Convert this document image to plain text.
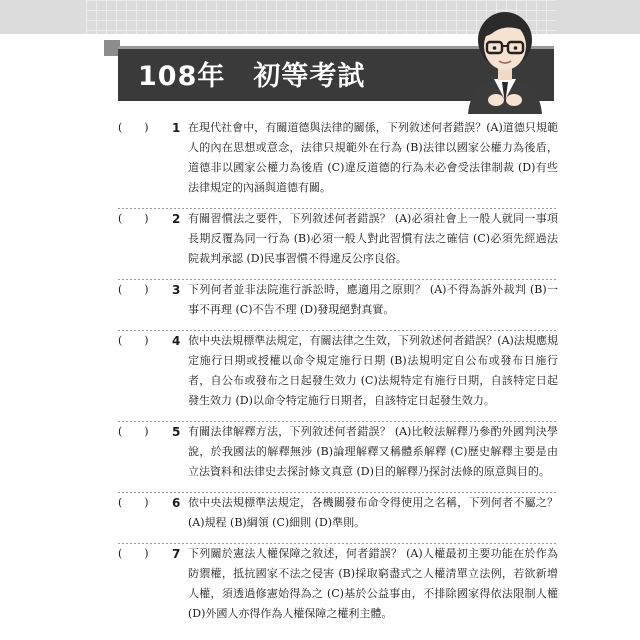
108年　初等考試
(　　)	1 在現代社會中，有關道德與法律的關係，下列敘述何者錯誤？(A)道德只規範人的內在思想或意念，法律只規範外在行為 (B)法律以國家公權力為後盾，道德非以國家公權力為後盾 (C)違反道德的行為未必會受法律制裁 (D)有些法律規定的內涵與道德有關。
(　　)	2 有關習慣法之要件，下列敘述何者錯誤？ (A)必須社會上一般人就同一事項長期反覆為同一行為 (B)必須一般人對此習慣有法之確信 (C)必須先經過法院裁判承認 (D)民事習慣不得違反公序良俗。
(　　)	3 下列何者並非法院進行訴訟時，應適用之原則？ (A)不得為訴外裁判 (B)一事不再理 (C)不告不理 (D)發現絕對真實。
(　　)	4 依中央法規標準法規定，有關法律之生效，下列敘述何者錯誤？(A)法規應規定施行日期或授權以命令規定施行日期 (B)法規明定自公布或發布日施行者，自公布或發布之日起發生效力 (C)法規特定有施行日期，自該特定日起發生效力 (D)以命令特定施行日期者，自該特定日起發生效力。
(　　)	5 有關法律解釋方法，下列敘述何者錯誤？ (A)比較法解釋乃參酌外國判決學說，於我國法的解釋無涉 (B)論理解釋又稱體系解釋 (C)歷史解釋主要是由立法資料和法律史去探討條文真意 (D)目的解釋乃探討法條的原意與目的。
(　　)	6 依中央法規標準法規定，各機關發布命令得使用之名稱，下列何者不屬之？ (A)規程 (B)綱領 (C)細則 (D)準則。
(　　)	7 下列關於憲法人權保障之敘述，何者錯誤？ (A)人權最初主要功能在於作為防禦權，抵抗國家不法之侵害 (B)採取窮盡式之人權清單立法例，若欲新增人權，須透過修憲始得為之 (C)基於公益事由，不排除國家得依法限制人權 (D)外國人亦得作為人權保障之權利主體。
